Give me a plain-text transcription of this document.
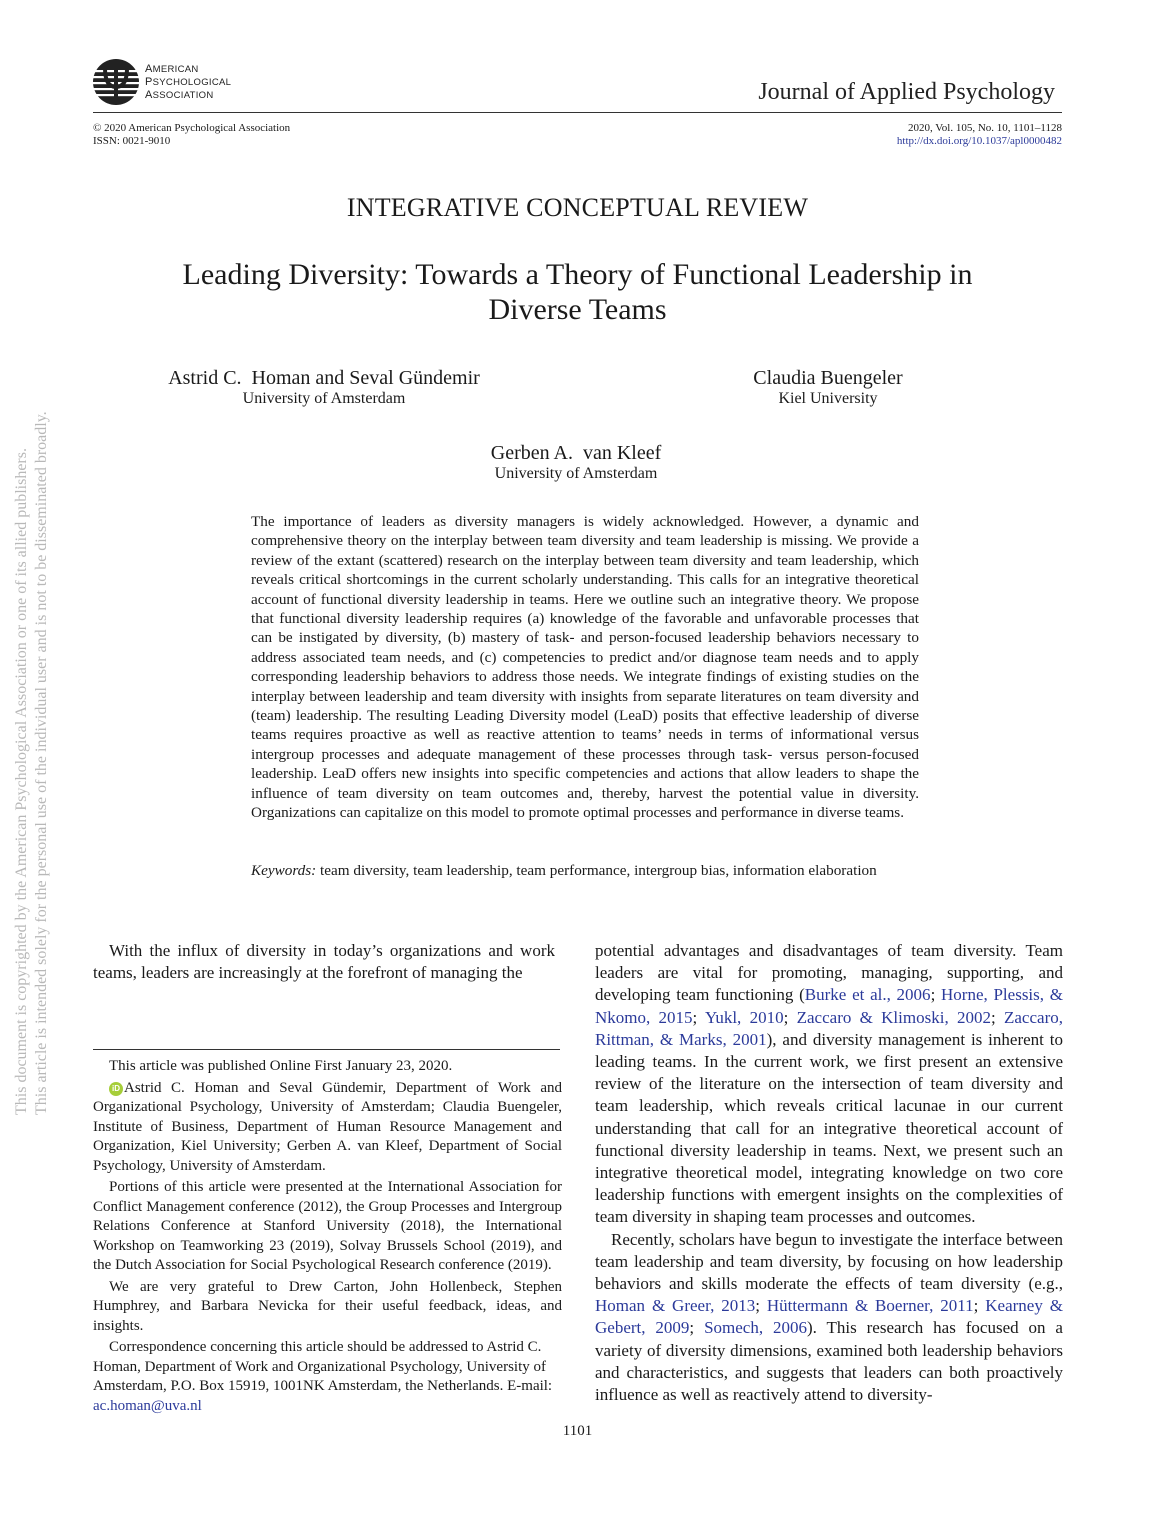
This document is copyrighted by the American Psychological Association or one of its allied publishers. This article is intended solely for the personal use of the individual user and is not to be disseminated broadly.
AMERICAN
PSYCHOLOGICAL
ASSOCIATION	Journal of Applied Psychology
© 2020 American Psychological Association
ISSN: 0021-9010
2020, Vol. 105, No. 10, 1101–1128
http://dx.doi.org/10.1037/apl0000482
INTEGRATIVE CONCEPTUAL REVIEW
Leading Diversity: Towards a Theory of Functional Leadership in
Diverse Teams
Astrid C.  Homan and Seval Gündemir
University of Amsterdam
Claudia Buengeler
Kiel University
Gerben A.  van Kleef
University of Amsterdam
The importance of leaders as diversity managers is widely acknowledged. However, a dynamic and comprehensive theory on the interplay between team diversity and team leadership is missing. We provide a review of the extant (scattered) research on the interplay between team diversity and team leadership, which reveals critical shortcomings in the current scholarly understanding. This calls for an integrative theoretical account of functional diversity leadership in teams. Here we outline such an integrative theory. We propose that functional diversity leadership requires (a) knowledge of the favorable and unfavorable processes that can be instigated by diversity, (b) mastery of task- and person-focused leadership behaviors necessary to address associated team needs, and (c) competencies to predict and/or diagnose team needs and to apply corresponding leadership behaviors to address those needs. We integrate findings of existing studies on the interplay between leadership and team diversity with insights from separate literatures on team diversity and (team) leadership. The resulting Leading Diversity model (LeaD) posits that effective leadership of diverse teams requires proactive as well as reactive attention to teams’ needs in terms of informational versus intergroup processes and adequate management of these processes through task- versus person-focused leadership. LeaD offers new insights into specific competencies and actions that allow leaders to shape the influence of team diversity on team outcomes and, thereby, harvest the potential value in diversity. Organizations can capitalize on this model to promote optimal processes and performance in diverse teams.
Keywords: team diversity, team leadership, team performance, intergroup bias, information elaboration

With the influx of diversity in today’s organizations and work teams, leaders are increasingly at the forefront of managing the

This article was published Online First January 23, 2020.

iD Astrid C. Homan and Seval Gündemir, Department of Work and Organizational Psychology, University of Amsterdam; Claudia Buengeler, Institute of Business, Department of Human Resource Management and Organization, Kiel University; Gerben A. van Kleef, Department of Social Psychology, University of Amsterdam.

Portions of this article were presented at the International Association for Conflict Management conference (2012), the Group Processes and Intergroup Relations Conference at Stanford University (2018), the International Workshop on Teamworking 23 (2019), Solvay Brussels School (2019), and the Dutch Association for Social Psychological Research conference (2019).

We are very grateful to Drew Carton, John Hollenbeck, Stephen Humphrey, and Barbara Nevicka for their useful feedback, ideas, and insights.

Correspondence concerning this article should be addressed to Astrid C. Homan, Department of Work and Organizational Psychology, University of Amsterdam, P.O. Box 15919, 1001NK Amsterdam, the Netherlands. E-mail: ac.homan@uva.nl

potential advantages and disadvantages of team diversity. Team leaders are vital for promoting, managing, supporting, and developing team functioning (Burke et al., 2006; Horne, Plessis, & Nkomo, 2015; Yukl, 2010; Zaccaro & Klimoski, 2002; Zaccaro, Rittman, & Marks, 2001), and diversity management is inherent to leading teams. In the current work, we first present an extensive review of the literature on the intersection of team diversity and team leadership, which reveals critical lacunae in our current understanding that call for an integrative theoretical account of functional diversity leadership in teams. Next, we present such an integrative theoretical model, integrating knowledge on two core leadership functions with emergent insights on the complexities of team diversity in shaping team processes and outcomes.

Recently, scholars have begun to investigate the interface between team leadership and team diversity, by focusing on how leadership behaviors and skills moderate the effects of team diversity (e.g., Homan & Greer, 2013; Hüttermann & Boerner, 2011; Kearney & Gebert, 2009; Somech, 2006). This research has focused on a variety of diversity dimensions, examined both leadership behaviors and characteristics, and suggests that leaders can both proactively influence as well as reactively attend to diversity-

1101
